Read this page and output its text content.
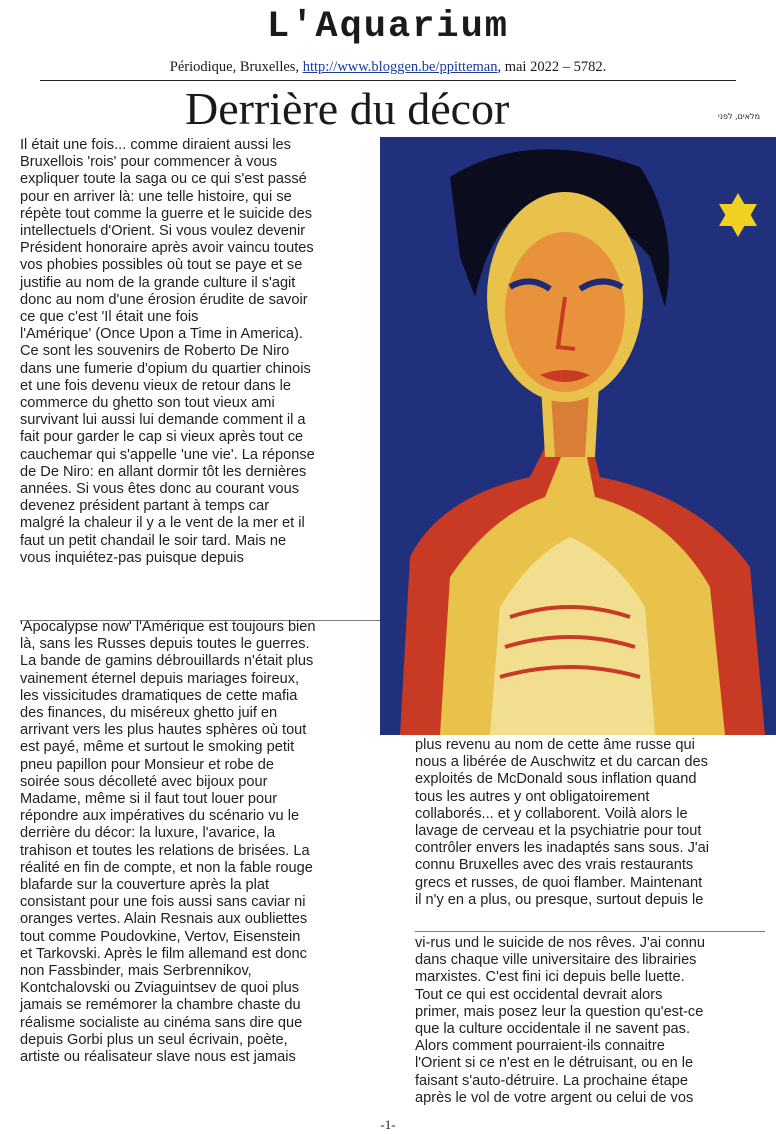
L'Aquarium
Périodique, Bruxelles, http://www.bloggen.be/ppitteman, mai 2022 – 5782.
Derrière du décor	מלאים, לפני
Il était une fois... comme diraient aussi les
Bruxellois 'rois' pour commencer à vous
expliquer toute la saga ou ce qui s'est passé
pour en arriver là: une telle histoire, qui se
répète tout comme la guerre et le suicide des
intellectuels d'Orient. Si vous voulez devenir
Président honoraire après avoir vaincu toutes
vos phobies possibles où tout se paye et se
justifie au nom de la grande culture il s'agit
donc au nom d'une érosion érudite de savoir
ce que c'est 'Il était une fois
l'Amérique' (Once Upon a Time in America).
Ce sont les souvenirs de Roberto De Niro
dans une fumerie d'opium du quartier chinois
et une fois devenu vieux de retour dans le
commerce du ghetto son tout vieux ami
survivant lui aussi lui demande comment il a
fait pour garder le cap si vieux après tout ce
cauchemar qui s'appelle 'une vie'. La réponse
de De Niro: en allant dormir tôt les dernières
années. Si vous êtes donc au courant vous
devenez président partant à temps car
malgré la chaleur il y a le vent de la mer et il
faut un petit chandail le soir tard. Mais ne
vous inquiétez-pas puisque depuis
'Apocalypse now' l'Amérique est toujours bien
là, sans les Russes depuis toutes le guerres.
La bande de gamins débrouillards n'était plus
vainement éternel depuis mariages foireux,
les vissicitudes dramatiques de cette mafia
des finances, du miséreux ghetto juif en
arrivant vers les plus hautes sphères où tout
est payé, même et surtout le smoking petit
pneu papillon pour Monsieur et robe de
soirée sous décolleté avec bijoux pour
Madame, même si il faut tout louer pour
répondre aux impératives du scénario vu le
derrière du décor: la luxure, l'avarice, la
trahison et toutes les relations de brisées. La
réalité en fin de compte, et non la fable rouge
blafarde sur la couverture après la plat
consistant pour une fois aussi sans caviar ni
oranges vertes. Alain Resnais aux oubliettes
tout comme Poudovkine, Vertov, Eisenstein
et Tarkovski. Après le film allemand est donc
non Fassbinder, mais Serbrennikov,
Kontchalovski ou Zviaguintsev de quoi plus
jamais se remémorer la chambre chaste du
réalisme socialiste au cinéma sans dire que
depuis Gorbi plus un seul écrivain, poète,
artiste ou réalisateur slave nous est jamais
plus revenu au nom de cette âme russe qui
nous a libérée de Auschwitz et du carcan des
exploités de McDonald sous inflation quand
tous les autres y ont obligatoirement
collaborés... et y collaborent. Voilà alors le
lavage de cerveau et la psychiatrie pour tout
contrôler envers les inadaptés sans sous. J'ai
connu Bruxelles avec des vrais restaurants
grecs et russes, de quoi flamber. Maintenant
il n'y en a plus, ou presque, surtout depuis le
vi-rus und le suicide de nos rêves. J'ai connu
dans chaque ville universitaire des librairies
marxistes. C'est fini ici depuis belle luette.
Tout ce qui est occidental devrait alors
primer, mais posez leur la question qu'est-ce
que la culture occidentale il ne savent pas.
Alors comment pourraient-ils connaitre
l'Orient si ce n'est en le détruisant, ou en le
faisant s'auto-détruire. La prochaine étape
après le vol de votre argent ou celui de vos
-1-
